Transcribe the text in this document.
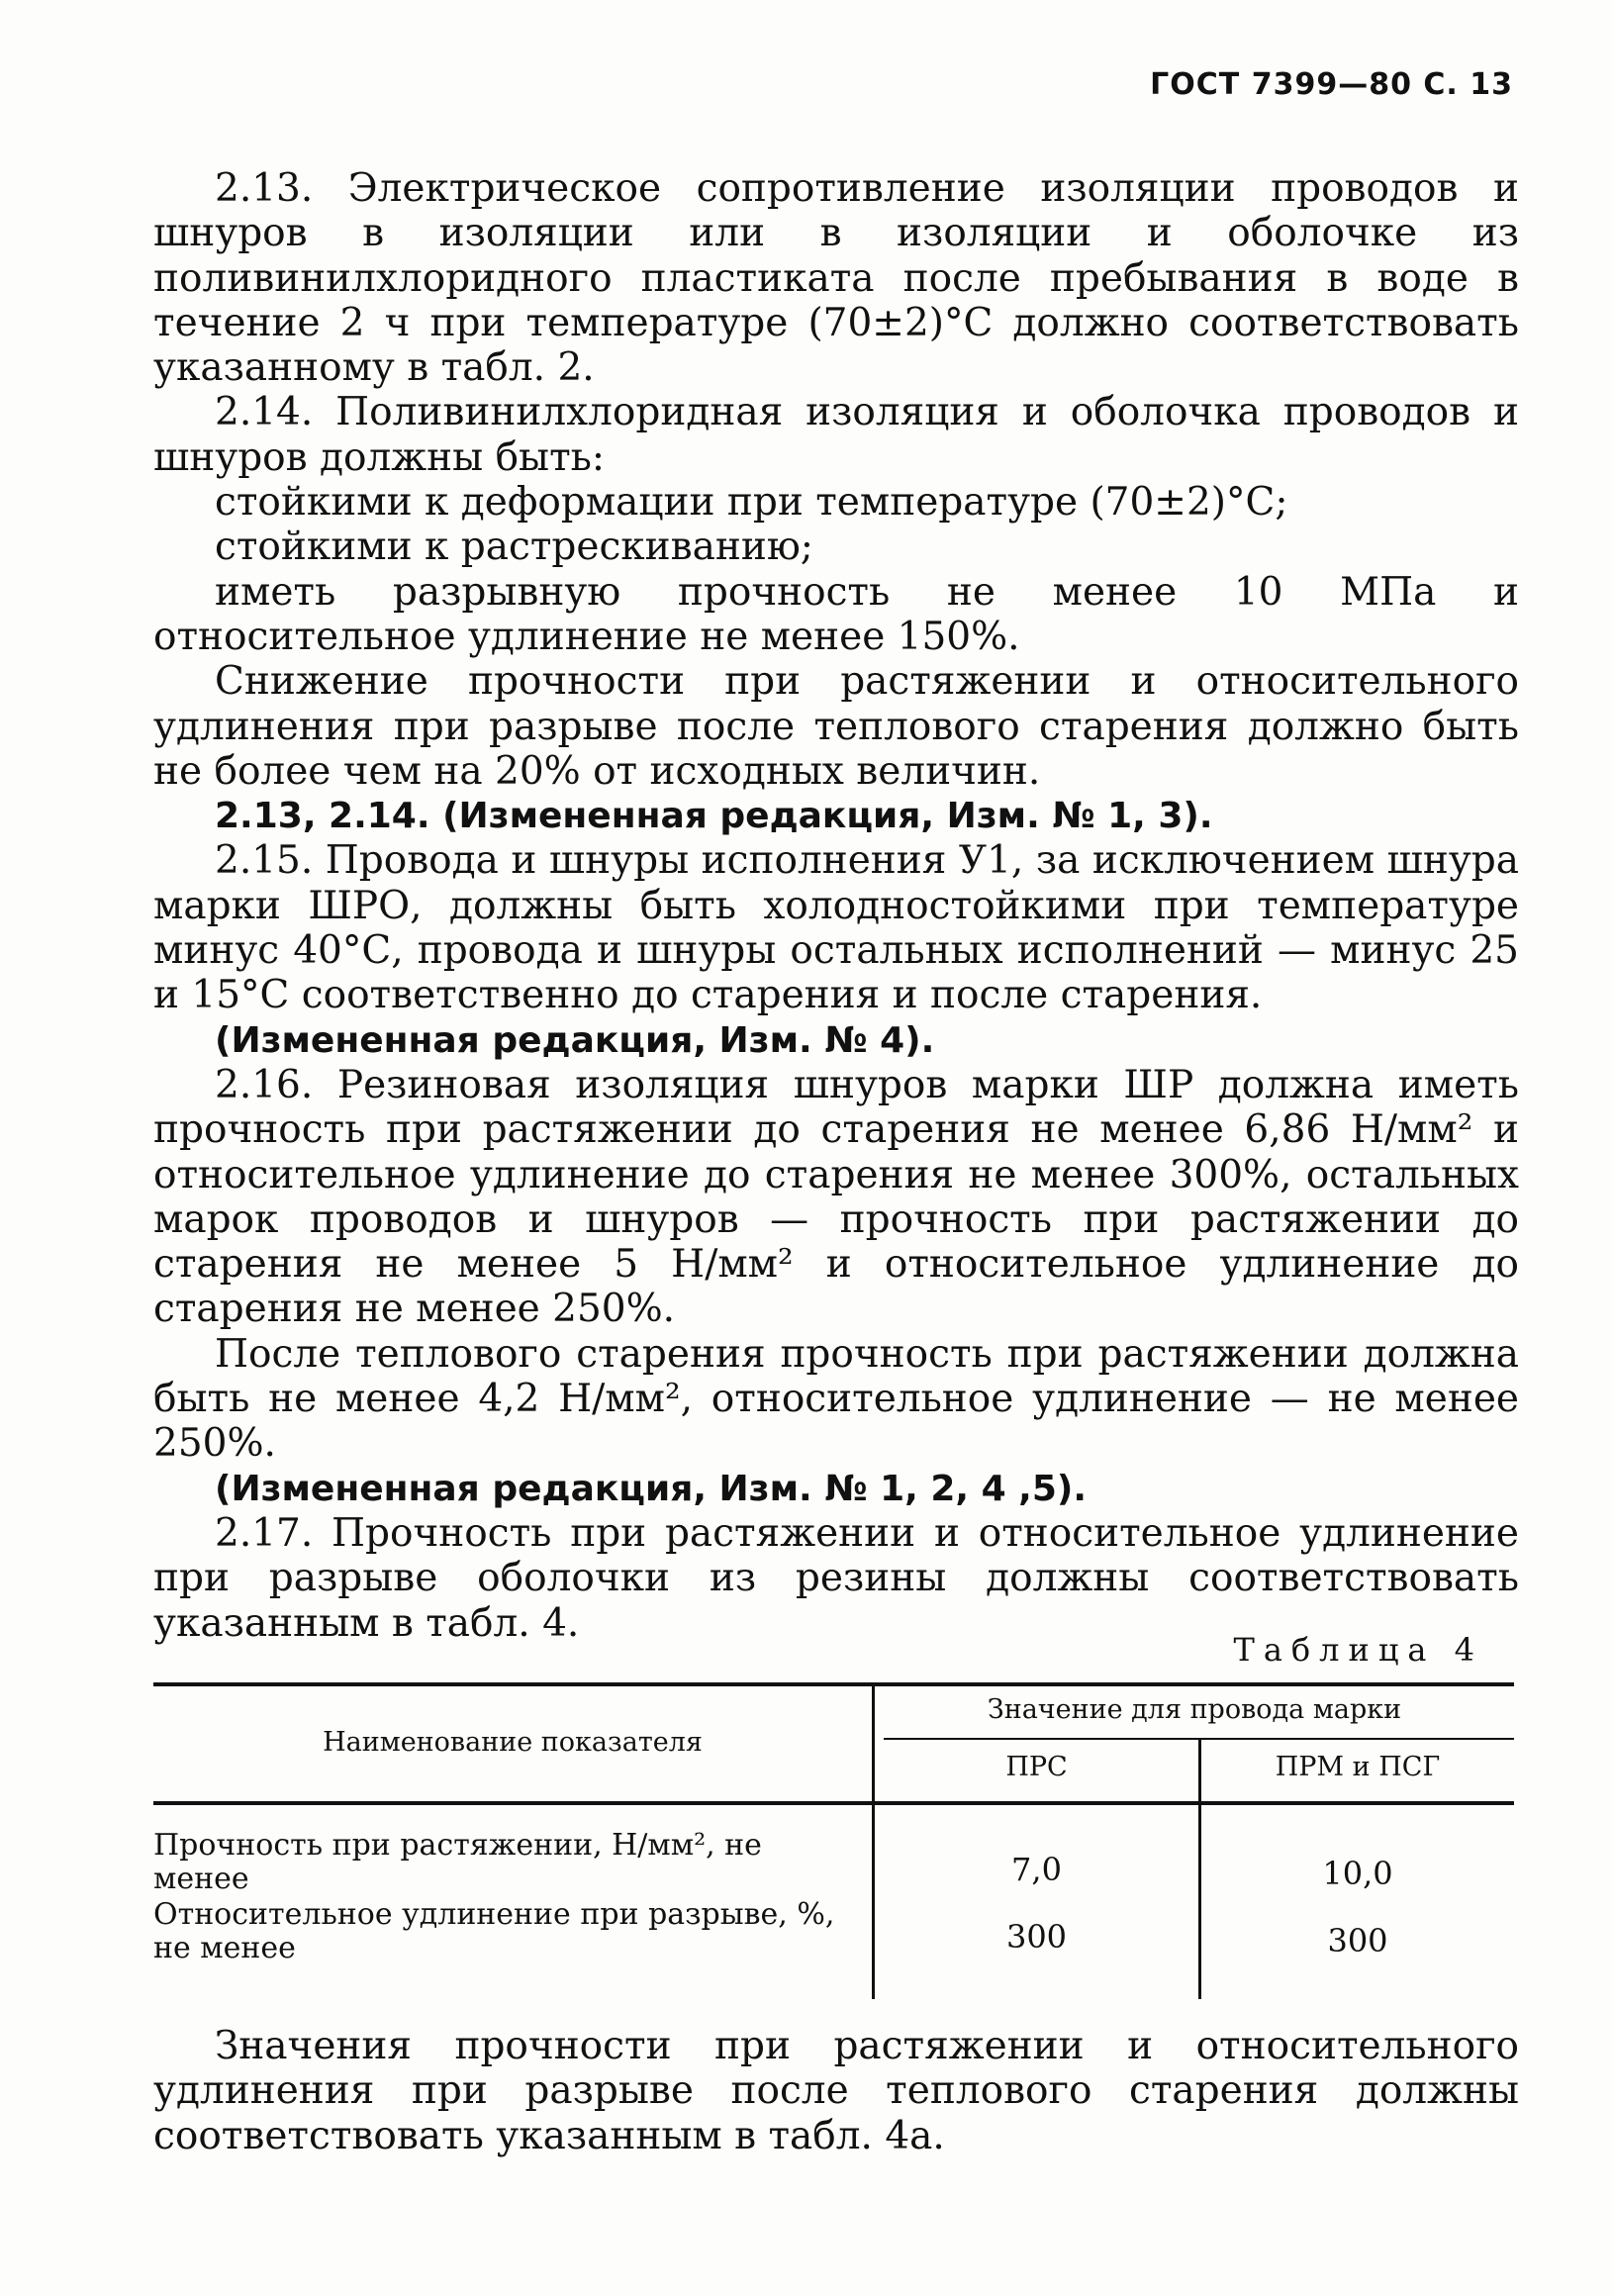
ГОСТ 7399—80 С. 13

2.13. Электрическое сопротивление изоляции проводов и шнуров в изоляции или в изоляции и оболочке из поливинилхлоридного пластиката после пребывания в воде в течение 2 ч при температуре (70±2)°С должно соответствовать указанному в табл. 2.

2.14. Поливинилхлоридная изоляция и оболочка проводов и шнуров должны быть:

стойкими к деформации при температуре (70±2)°С;

стойкими к растрескиванию;

иметь разрывную прочность не менее 10 МПа и относительное удлинение не менее 150%.

Снижение прочности при растяжении и относительного удлинения при разрыве после теплового старения должно быть не более чем на 20% от исходных величин.

2.13, 2.14. (Измененная редакция, Изм. № 1, 3).

2.15. Провода и шнуры исполнения У1, за исключением шнура марки ШРО, должны быть холодностойкими при температуре минус 40°С, провода и шнуры остальных исполнений — минус 25 и 15°С соответственно до старения и после старения.

(Измененная редакция, Изм. № 4).

2.16. Резиновая изоляция шнуров марки ШР должна иметь прочность при растяжении до старения не менее 6,86 Н/мм² и относительное удлинение до старения не менее 300%, остальных марок проводов и шнуров — прочность при растяжении до старения не менее 5 Н/мм² и относительное удлинение до старения не менее 250%.

После теплового старения прочность при растяжении должна быть не менее 4,2 Н/мм², относительное удлинение — не менее 250%.

(Измененная редакция, Изм. № 1, 2, 4 ,5).

2.17. Прочность при растяжении и относительное удлинение при разрыве оболочки из резины должны соответствовать указанным в табл. 4.

Таблица 4
Наименование показателя
Значение для провода марки
ПРС	ПРМ и ПСГ
Прочность при растяжении, Н/мм², не менее	7,0	10,0
Относительное удлинение при разрыве, %, не менее	300	300

Значения прочности при растяжении и относительного удлинения при разрыве после теплового старения должны соответствовать указанным в табл. 4а.
